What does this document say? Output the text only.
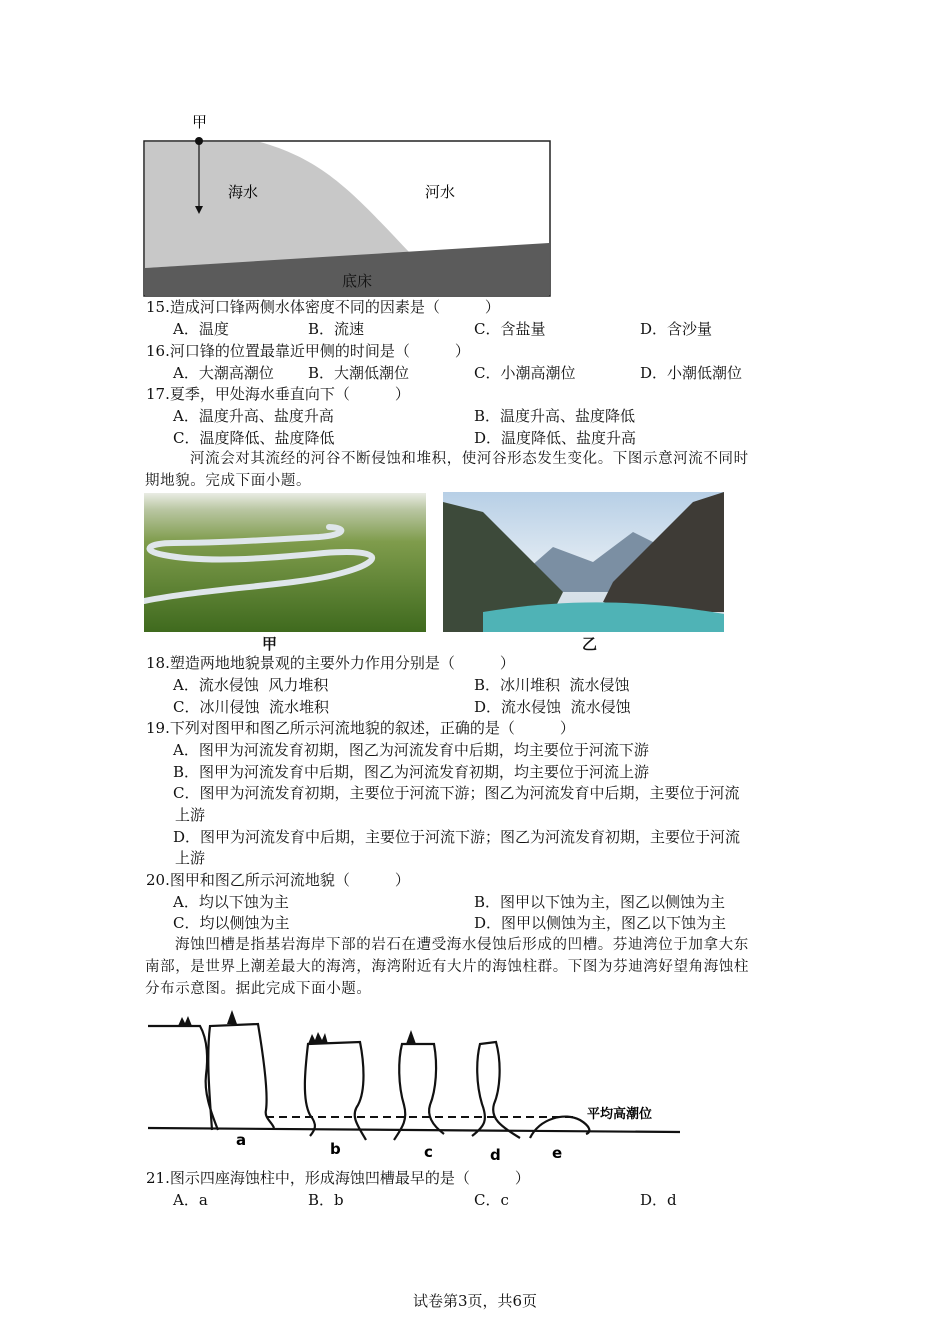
甲
海水	河水
底床
15.造成河口锋两侧水体密度不同的因素是（　　　）
A．温度	B．流速	C．含盐量	D．含沙量
16.河口锋的位置最靠近甲侧的时间是（　　　）
A．大潮高潮位 B．大潮低潮位	C．小潮高潮位	D．小潮低潮位
17.夏季，甲处海水垂直向下（　　　）
A．温度升高、盐度升高	B．温度升高、盐度降低
C．温度降低、盐度降低	D．温度降低、盐度升高
河流会对其流经的河谷不断侵蚀和堆积，使河谷形态发生变化。下图示意河流不同时
期地貌。完成下面小题。
甲	乙
18.塑造两地地貌景观的主要外力作用分别是（　　　）
A．流水侵蚀  风力堆积	B．冰川堆积  流水侵蚀
C．冰川侵蚀  流水堆积	D．流水侵蚀  流水侵蚀
19.下列对图甲和图乙所示河流地貌的叙述，正确的是（　　　）
A．图甲为河流发育初期，图乙为河流发育中后期，均主要位于河流下游
B．图甲为河流发育中后期，图乙为河流发育初期，均主要位于河流上游
C．图甲为河流发育初期，主要位于河流下游；图乙为河流发育中后期，主要位于河流
上游
D．图甲为河流发育中后期，主要位于河流下游；图乙为河流发育初期，主要位于河流
上游
20.图甲和图乙所示河流地貌（　　　）
A．均以下蚀为主	B．图甲以下蚀为主，图乙以侧蚀为主
C．均以侧蚀为主	D．图甲以侧蚀为主，图乙以下蚀为主
海蚀凹槽是指基岩海岸下部的岩石在遭受海水侵蚀后形成的凹槽。芬迪湾位于加拿大东
南部，是世界上潮差最大的海湾，海湾附近有大片的海蚀柱群。下图为芬迪湾好望角海蚀柱
分布示意图。据此完成下面小题。
平均高潮位
a	b	c	d	e
21.图示四座海蚀柱中，形成海蚀凹槽最早的是（　　　）
A．a	B．b	C．c	D．d
试卷第3页，共6页
